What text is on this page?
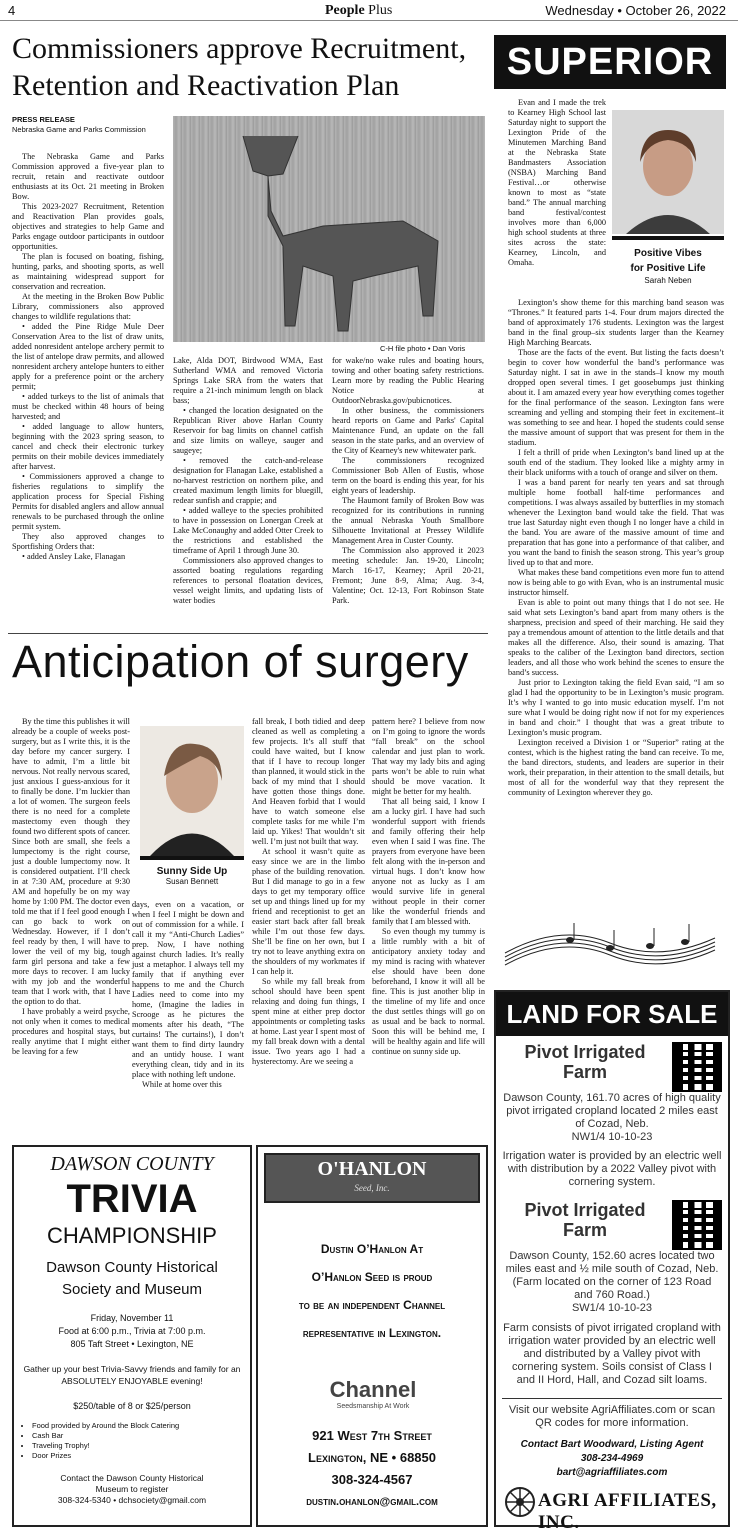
4	People Plus	Wednesday • October 26, 2022
Commissioners approve Recruitment,
Retention and Reactivation Plan
PRESS RELEASE
Nebraska Game and Parks Commission
C-H file photo • Dan Voris

The Nebraska Game and Parks Commission approved a five-year plan to recruit, retain and reactivate outdoor enthusiasts at its Oct. 21 meeting in Broken Bow.

This 2023-2027 Recruitment, Retention and Reactivation Plan provides goals, objectives and strategies to help Game and Parks engage outdoor participants in outdoor opportunities.

The plan is focused on boating, fishing, hunting, parks, and shooting sports, as well as maintaining widespread support for conservation and recreation.

At the meeting in the Broken Bow Public Library, commissioners also approved changes to wildlife regulations that:

• added the Pine Ridge Mule Deer Conservation Area to the list of draw units, added nonresident antelope archery permit to the list of antelope draw permits, and allowed nonresident archery antelope hunters to either apply for a preference point or the archery permit;

• added turkeys to the list of animals that must be checked within 48 hours of being harvested; and

• added language to allow hunters, beginning with the 2023 spring season, to cancel and check their electronic turkey permits on their mobile devices immediately after harvest.

• Commissioners approved a change to fisheries regulations to simplify the application process for Special Fishing Permits for disabled anglers and allow annual renewals to be purchased through the online permit system.

They also approved changes to Sportfishing Orders that:

• added Ansley Lake, Flanagan

Lake, Alda DOT, Birdwood WMA, East Sutherland WMA and removed Victoria Springs Lake SRA from the waters that require a 21-inch minimum length on black bass;

• changed the location designated on the Republican River above Harlan County Reservoir for bag limits on channel catfish and size limits on walleye, sauger and saugeye;

• removed the catch-and-release designation for Flanagan Lake, established a no-harvest restriction on northern pike, and created maximum length limits for bluegill, redear sunfish and crappie; and

• added walleye to the species prohibited to have in possession on Lonergan Creek at Lake McConaughy and added Otter Creek to the restrictions and established the timeframe of April 1 through June 30.

Commissioners also approved changes to assorted boating regulations regarding references to personal floatation devices, vessel weight limits, and updating lists of water bodies

for wake/no wake rules and boating hours, towing and other boating safety restrictions. Learn more by reading the Public Hearing Notice at OutdoorNebraska.gov/pubicnotices.

In other business, the commissioners heard reports on Game and Parks' Capital Maintenance Fund, an update on the fall season in the state parks, and an overview of the City of Kearney's new whitewater park.

The commissioners recognized Commissioner Bob Allen of Eustis, whose term on the board is ending this year, for his eight years of leadership.

The Haumont family of Broken Bow was recognized for its contributions in running the annual Nebraska Youth Smallbore Silhouette Invitational at Pressey Wildlife Management Area in Custer County.

The Commission also approved it 2023 meeting schedule: Jan. 19-20, Lincoln; March 16-17, Kearney; April 20-21, Fremont; June 8-9, Alma; Aug. 3-4, Valentine; Oct. 12-13, Fort Robinson State Park.

Anticipation of surgery

By the time this publishes it will already be a couple of weeks post-surgery, but as I write this, it is the day before my cancer surgery. I have to admit, I’m a little bit nervous. Not really nervous scared, just anxious I guess-anxious for it to finally be done. I’m luckier than a lot of women. The surgeon feels there is no need for a complete mastectomy even though they found two different spots of cancer. Since both are small, she feels a lumpectomy is the right course, just a double lumpectomy now. It is considered outpatient. I’ll check in at 7:30 AM, procedure at 9:30 AM and hopefully be on my way home by 1:00 PM. The doctor even told me that if I feel good enough I can go back to work on Wednesday. However, if I don’t feel ready by then, I will have to lower the veil of my big, tough farm girl persona and take a few more days to recover. I am lucky with my job and the wonderful team that I work with, that I have the option to do that.

I have probably a weird psyche, not only when it comes to medical procedures and hospital stays, but really anytime that I might either be leaving for a few

Sunny Side Up
Susan Bennett

days, even on a vacation, or when I feel I might be down and out of commission for a while. I call it my “Anti-Church Ladies” prep. Now, I have nothing against church ladies. It’s really just a metaphor. I always tell my family that if anything ever happens to me and the Church Ladies need to come into my home, (Imagine the ladies in Scrooge as he pictures the moments after his death, “The curtains! The curtains!), I don’t want them to find dirty laundry and an untidy house. I want everything clean, tidy and in its place with nothing left undone.

While at home over this

fall break, I both tidied and deep cleaned as well as completing a few projects. It’s all stuff that could have waited, but I know that if I have to recoup longer than planned, it would stick in the back of my mind that I should have gotten those things done. And Heaven forbid that I would have to watch someone else complete tasks for me while I’m laid up. Yikes! That wouldn’t sit well. I’m just not built that way.

At school it wasn’t quite as easy since we are in the limbo phase of the building renovation. But I did manage to go in a few days to get my temporary office set up and things lined up for my friend and receptionist to get an easier start back after fall break while I’m out those few days. She’ll be fine on her own, but I try not to leave anything extra on the shoulders of my workmates if I can help it.

So while my fall break from school should have been spent relaxing and doing fun things, I spent mine at either prep doctor appointments or completing tasks at home. Last year I spent most of my fall break down with a dental issue. Two years ago I had a hysterectomy. Are we seeing a

pattern here? I believe from now on I’m going to ignore the words “fall break” on the school calendar and just plan to work. That way my lady bits and aging parts won’t be able to ruin what should be move vacation. It might be better for my health.

That all being said, I know I am a lucky girl. I have had such wonderful support with friends and family offering their help even when I said I was fine. The prayers from everyone have been felt along with the in-person and virtual hugs. I don’t know how anyone not as lucky as I am would survive life in general without people in their corner like the wonderful friends and family that I am blessed with.

So even though my tummy is a little rumbly with a bit of anticipatory anxiety today and my mind is racing with whatever else should have been done beforehand, I know it will all be fine. This is just another blip in the timeline of my life and once the dust settles things will go on as usual and be back to normal. Soon this will be behind me, I will be healthy again and life will continue on sunny side up.

SUPERIOR
Positive Vibes
for Positive Life
Sarah Neben

Evan and I made the trek to Kearney High School last Saturday night to support the Lexington Pride of the Minutemen Marching Band at the Nebraska State Bandmasters Association (NSBA) Marching Band Festival…or otherwise known to most as “state band.” The annual marching band festival/contest involves more than 6,000 high school students at three sites across the state: Kearney, Lincoln, and Omaha.

Lexington’s show theme for this marching band season was “Thrones.” It featured parts 1-4. Four drum majors directed the band of approximately 176 students. Lexington was the largest band in the final group–six students larger than the Kearney High Marching Bearcats.

Those are the facts of the event. But listing the facts doesn’t begin to cover how wonderful the band’s performance was Saturday night. I sat in awe in the stands–I know my mouth dropped open several times. I get goosebumps just thinking about it. I am amazed every year how everything comes together for the final performance of the season. Lexington fans were screaming and yelling and stomping their feet in excitement–it was something to see and hear. I hoped the students could sense the massive amount of support that was present for them in the stadium.

I felt a thrill of pride when Lexington’s band lined up at the south end of the stadium. They looked like a mighty army in their black uniforms with a touch of orange and silver on them.

I was a band parent for nearly ten years and sat through multiple home football half-time performances and competitions. I was always assailed by butterflies in my stomach whenever the Lexington band would take the field. That was true last Saturday night even though I no longer have a child in the band. You are aware of the massive amount of time and preparation that has gone into a performance of that caliber, and you want the band to finish the season strong. This year’s group lived up to that and more.

What makes these band competitions even more fun to attend now is being able to go with Evan, who is an instrumental music instructor himself.

Evan is able to point out many things that I do not see. He said what sets Lexington’s band apart from many others is the sharpness, precision and speed of their marching. He said they pay a tremendous amount of attention to the little details and that makes all the difference. Also, their sound is amazing. That speaks to the caliber of the Lexington band directors, section leaders, and all those who work behind the scenes to ensure the band’s success.

Just prior to Lexington taking the field Evan said, “I am so glad I had the opportunity to be in Lexington’s music program. It’s why I wanted to go into music education myself. I’m not sure what I would be doing right now if not for my experiences in band and choir.” I thought that was a great tribute to Lexington’s music program.

Lexington received a Division 1 or “Superior” rating at the contest, which is the highest rating the band can receive. To me, the band directors, students, and leaders are superior in their work, their preparation, in their attention to the small details, but most of all for the wonderful way that they represent the community of Lexington wherever they go.

DAWSON COUNTY
TRIVIA
CHAMPIONSHIP
Dawson County Historical
Society and Museum
Friday, November 11
Food at 6:00 p.m., Trivia at 7:00 p.m.
805 Taft Street • Lexington, NE
Gather up your best Trivia-Savvy friends and family for an ABSOLUTELY ENJOYABLE evening!
$250/table of 8 or $25/person
• Food provided by Around the Block Catering
• Cash Bar
• Traveling Trophy!
• Door Prizes
Contact the Dawson County Historical
Museum to register
308-324-5340 • dchsociety@gmail.com
O'HANLON
Seed, Inc.
Dustin O’Hanlon At
O’Hanlon Seed is proud
to be an independent Channel
representative in Lexington.
Channel
Seedsmanship At Work
921 West 7th Street
Lexington, NE • 68850
308-324-4567
dustin.ohanlon@gmail.com
LAND FOR SALE
Pivot Irrigated
Farm
Dawson County, 161.70 acres of high quality pivot irrigated cropland located 2 miles east of Cozad, Neb.
NW1/4 10-10-23
Irrigation water is provided by an electric well with distribution by a 2022 Valley pivot with cornering system.
Pivot Irrigated
Farm
Dawson County, 152.60 acres located two miles east and ½ mile south of Cozad, Neb. (Farm located on the corner of 123 Road and 760 Road.)
SW1/4 10-10-23
Farm consists of pivot irrigated cropland with irrigation water provided by an electric well and distributed by a Valley pivot with cornering system. Soils consist of Class I and II Hord, Hall, and Cozad silt loams.
Visit our website AgriAffiliates.com or scan QR codes for more information.
Contact Bart Woodward, Listing Agent
308-234-4969
bart@agriaffiliates.com
AGRI AFFILIATES, INC.
